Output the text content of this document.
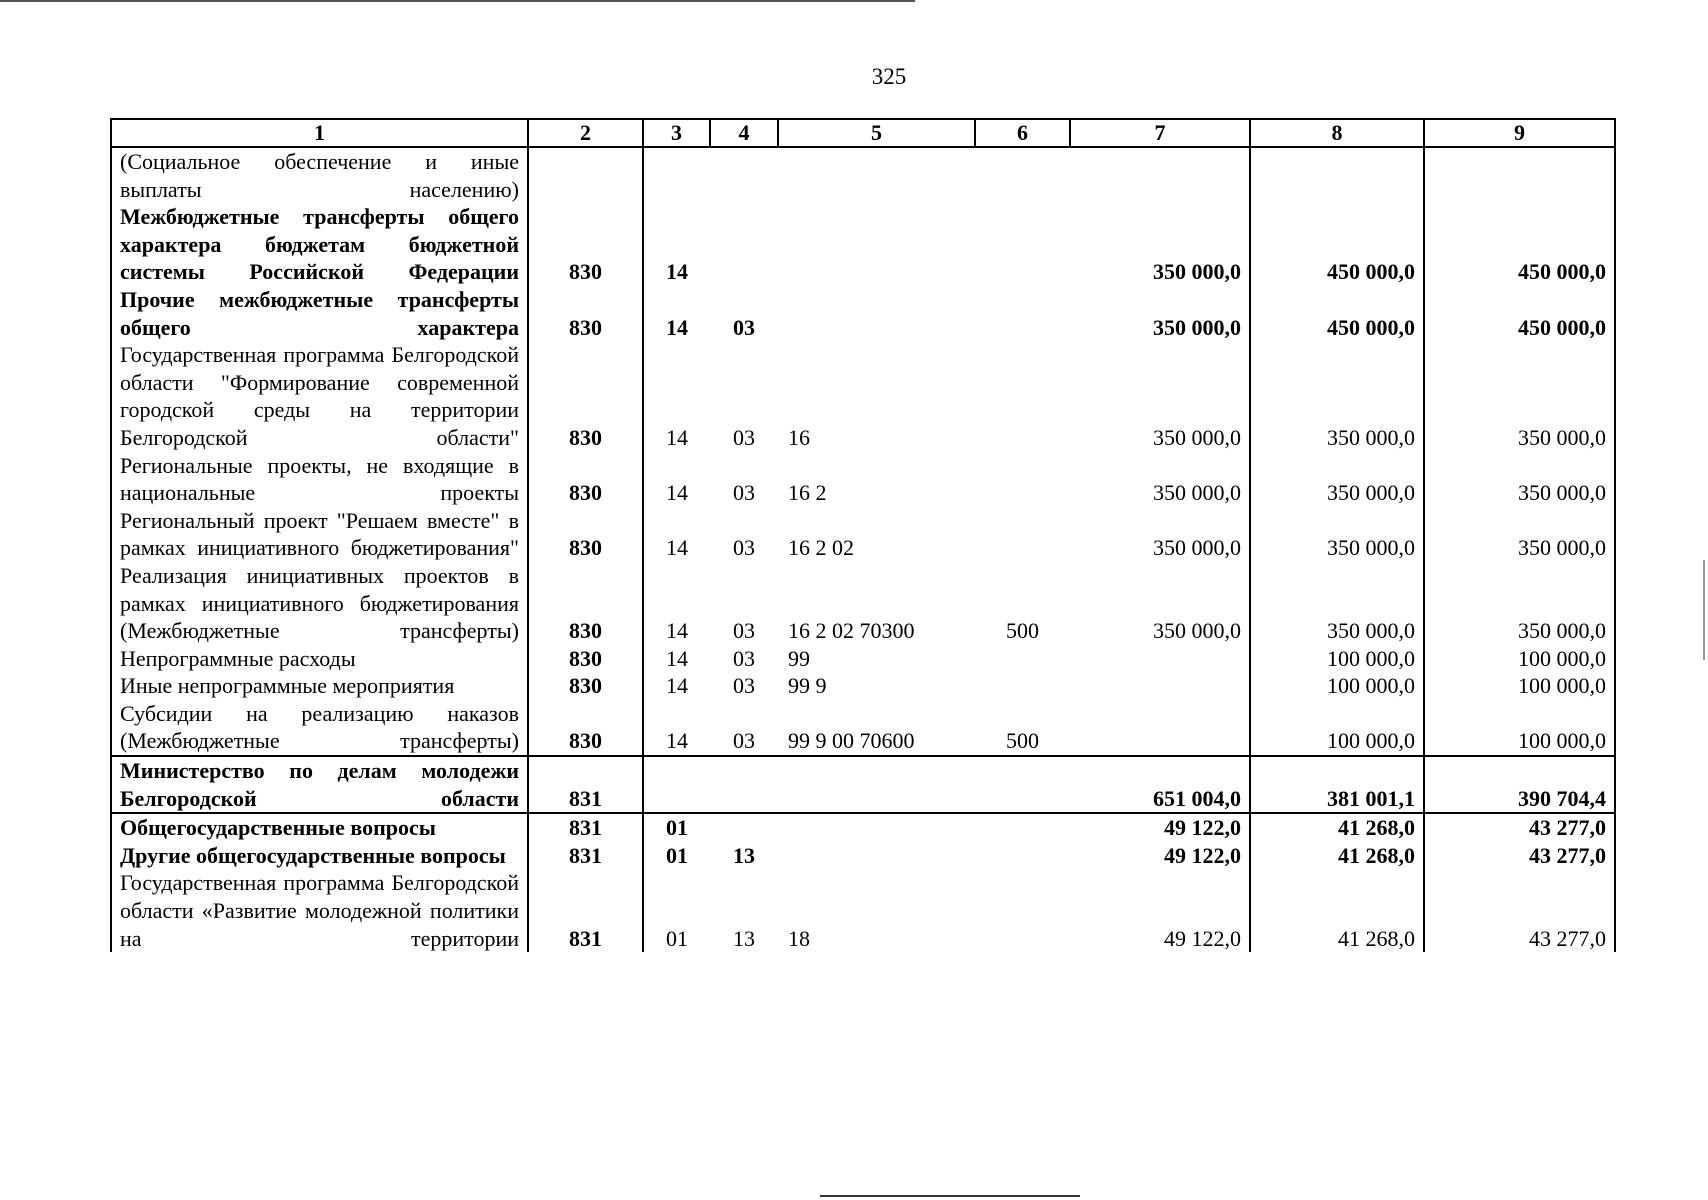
325
1	2	3	4	5	6	7	8	9
(Социальное обеспечение и иные выплаты населению)								
Межбюджетные трансферты общего характера бюджетам бюджетной системы Российской Федерации	830	14				350 000,0	450 000,0	450 000,0
Прочие межбюджетные трансферты общего характера	830	14	03			350 000,0	450 000,0	450 000,0
Государственная программа Белгородской области "Формирование современной городской среды на территории Белгородской области"	830	14	03	16		350 000,0	350 000,0	350 000,0
Региональные проекты, не входящие в национальные проекты	830	14	03	16 2		350 000,0	350 000,0	350 000,0
Региональный проект "Решаем вместе" в рамках инициативного бюджетирования"	830	14	03	16 2 02		350 000,0	350 000,0	350 000,0
Реализация инициативных проектов в рамках инициативного бюджетирования (Межбюджетные трансферты)	830	14	03	16 2 02 70300	500	350 000,0	350 000,0	350 000,0
Непрограммные расходы	830	14	03	99			100 000,0	100 000,0
Иные непрограммные мероприятия	830	14	03	99 9			100 000,0	100 000,0
Субсидии на реализацию наказов (Межбюджетные трансферты)	830	14	03	99 9 00 70600	500		100 000,0	100 000,0
Министерство по делам молодежи Белгородской области	831					651 004,0	381 001,1	390 704,4
Общегосударственные вопросы	831	01				49 122,0	41 268,0	43 277,0
Другие общегосударственные вопросы	831	01	13			49 122,0	41 268,0	43 277,0
Государственная программа Белгородской области «Развитие молодежной политики на территории	831	01	13	18		49 122,0	41 268,0	43 277,0
